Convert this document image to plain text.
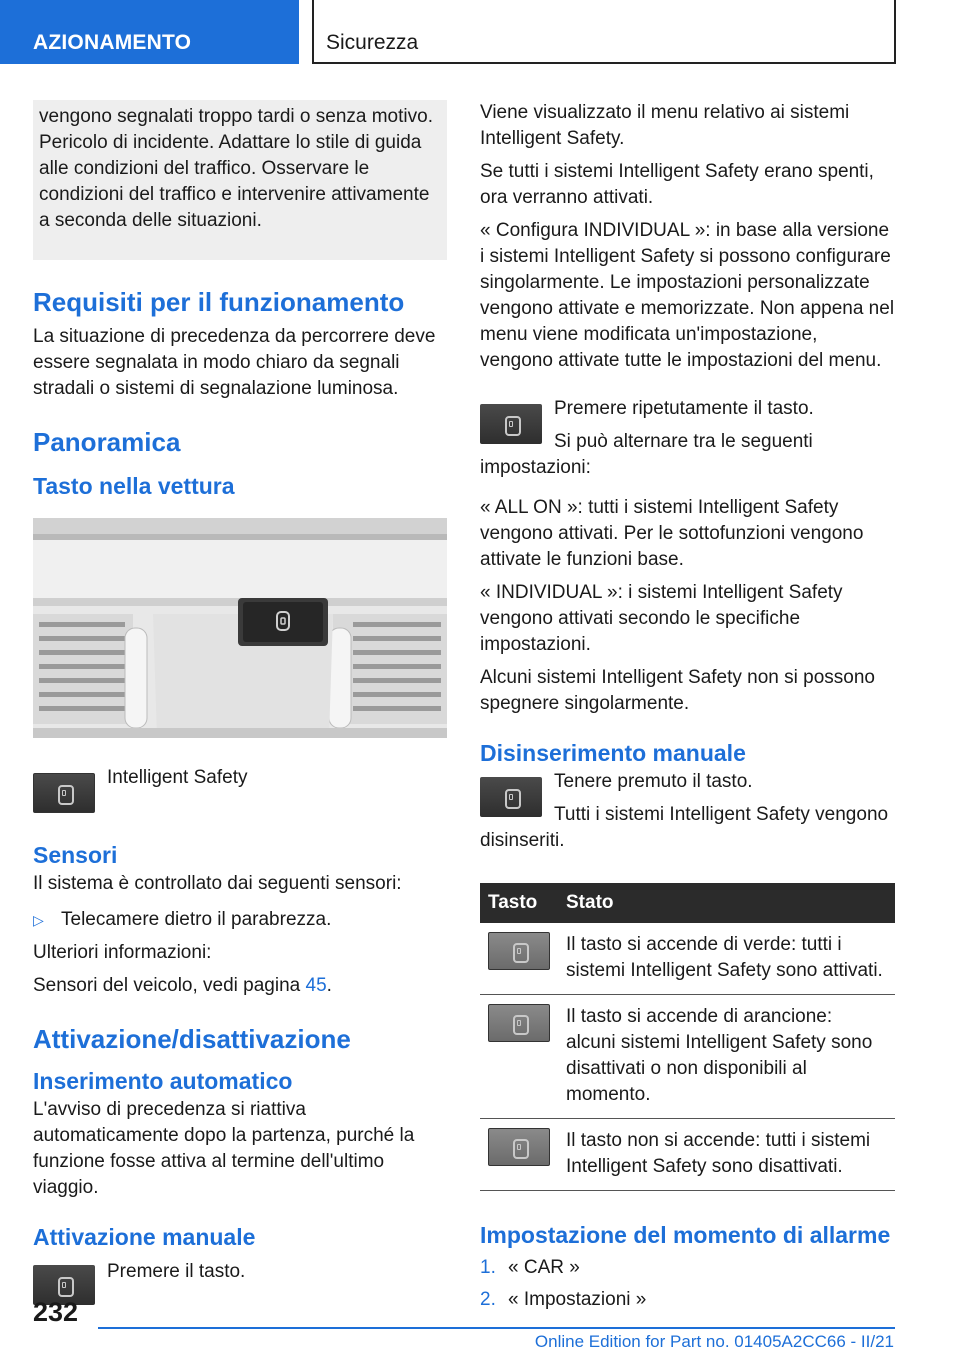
AZIONAMENTO	Sicurezza

vengono segnalati troppo tardi o senza motivo. Pericolo di incidente. Adattare lo stile di guida alle condizioni del traffico. Osservare le condizioni del traffico e intervenire attivamente a seconda delle situazioni.

Requisiti per il funzionamento

La situazione di precedenza da percorrere deve essere segnalata in modo chiaro da segnali stradali o sistemi di segnalazione luminosa.

Panoramica
Tasto nella vettura

Intelligent Safety

Sensori

Il sistema è controllato dai seguenti sensori:

▷ Telecamere dietro il parabrezza.

Ulteriori informazioni:

Sensori del veicolo, vedi pagina 45.

Attivazione/disattivazione
Inserimento automatico

L'avviso di precedenza si riattiva automaticamente dopo la partenza, purché la funzione fosse attiva al termine dell'ultimo viaggio.

Attivazione manuale

Premere il tasto.

Viene visualizzato il menu relativo ai sistemi Intelligent Safety.

Se tutti i sistemi Intelligent Safety erano spenti, ora verranno attivati.

« Configura INDIVIDUAL »: in base alla versione i sistemi Intelligent Safety si possono configurare singolarmente. Le impostazioni personalizzate vengono attivate e memorizzate. Non appena nel menu viene modificata un'impostazione, vengono attivate tutte le impostazioni del menu.

Premere ripetutamente il tasto.

Si può alternare tra le seguenti impostazioni:

« ALL ON »: tutti i sistemi Intelligent Safety vengono attivati. Per le sottofunzioni vengono attivate le funzioni base.

« INDIVIDUAL »: i sistemi Intelligent Safety vengono attivati secondo le specifiche impostazioni.

Alcuni sistemi Intelligent Safety non si possono spegnere singolarmente.

Disinserimento manuale

Tenere premuto il tasto.

Tutti i sistemi Intelligent Safety vengono disinseriti.

Tasto	Stato

	Il tasto si accende di verde: tutti i sistemi Intelligent Safety sono attivati.

	Il tasto si accende di arancione: alcuni sistemi Intelligent Safety sono disattivati o non disponibili al momento.

	Il tasto non si accende: tutti i sistemi Intelligent Safety sono disattivati.
Impostazione del momento di allarme
1. « CAR »
2. « Impostazioni »
232
Online Edition for Part no. 01405A2CC66 - II/21
